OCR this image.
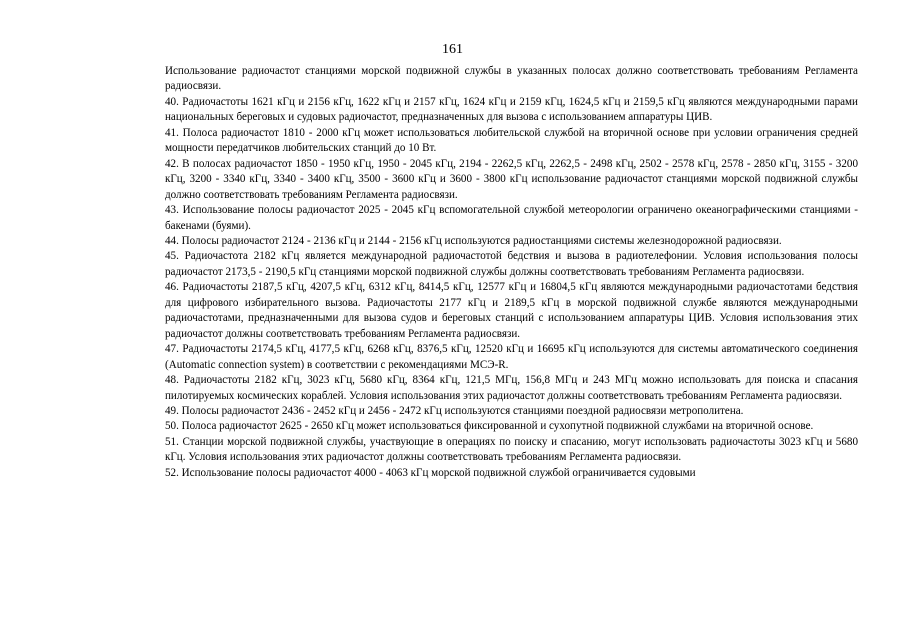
161

Использование радиочастот станциями морской подвижной службы в указанных полосах должно соответствовать требованиям Регламента радиосвязи.

40. Радиочастоты 1621 кГц и 2156 кГц, 1622 кГц и 2157 кГц, 1624 кГц и 2159 кГц, 1624,5 кГц и 2159,5 кГц являются международными парами национальных береговых и судовых радиочастот, предназначенных для вызова с использованием аппаратуры ЦИВ.

41. Полоса радиочастот 1810 - 2000 кГц может использоваться любительской службой на вторичной основе при условии ограничения средней мощности передатчиков любительских станций до 10 Вт.

42. В полосах радиочастот 1850 - 1950 кГц, 1950 - 2045 кГц, 2194 - 2262,5 кГц, 2262,5 - 2498 кГц, 2502 - 2578 кГц, 2578 - 2850 кГц, 3155 - 3200 кГц, 3200 - 3340 кГц, 3340 - 3400 кГц, 3500 - 3600 кГц и 3600 - 3800 кГц использование радиочастот станциями морской подвижной службы должно соответствовать требованиям Регламента радиосвязи.

43. Использование полосы радиочастот 2025 - 2045 кГц вспомогательной службой метеорологии ограничено океанографическими станциями - бакенами (буями).

44. Полосы радиочастот 2124 - 2136 кГц и 2144 - 2156 кГц используются радиостанциями системы железнодорожной радиосвязи.

45. Радиочастота 2182 кГц является международной радиочастотой бедствия и вызова в радиотелефонии. Условия использования полосы радиочастот 2173,5 - 2190,5 кГц станциями морской подвижной службы должны соответствовать требованиям Регламента радиосвязи.

46. Радиочастоты 2187,5 кГц, 4207,5 кГц, 6312 кГц, 8414,5 кГц, 12577 кГц и 16804,5 кГц являются международными радиочастотами бедствия для цифрового избирательного вызова. Радиочастоты 2177 кГц и 2189,5 кГц в морской подвижной службе являются международными радиочастотами, предназначенными для вызова судов и береговых станций с использованием аппаратуры ЦИВ. Условия использования этих радиочастот должны соответствовать требованиям Регламента радиосвязи.

47. Радиочастоты 2174,5 кГц, 4177,5 кГц, 6268 кГц, 8376,5 кГц, 12520 кГц и 16695 кГц используются для системы автоматического соединения (Automatic connection system) в соответствии с рекомендациями МСЭ-R.

48. Радиочастоты 2182 кГц, 3023 кГц, 5680 кГц, 8364 кГц, 121,5 МГц, 156,8 МГц и 243 МГц можно использовать для поиска и спасания пилотируемых космических кораблей. Условия использования этих радиочастот должны соответствовать требованиям Регламента радиосвязи.

49. Полосы радиочастот 2436 - 2452 кГц и 2456 - 2472 кГц используются станциями поездной радиосвязи метрополитена.

50. Полоса радиочастот 2625 - 2650 кГц может использоваться фиксированной и сухопутной подвижной службами на вторичной основе.

51. Станции морской подвижной службы, участвующие в операциях по поиску и спасанию, могут использовать радиочастоты 3023 кГц и 5680 кГц. Условия использования этих радиочастот должны соответствовать требованиям Регламента радиосвязи.

52. Использование полосы радиочастот 4000 - 4063 кГц морской подвижной службой ограничивается судовыми
